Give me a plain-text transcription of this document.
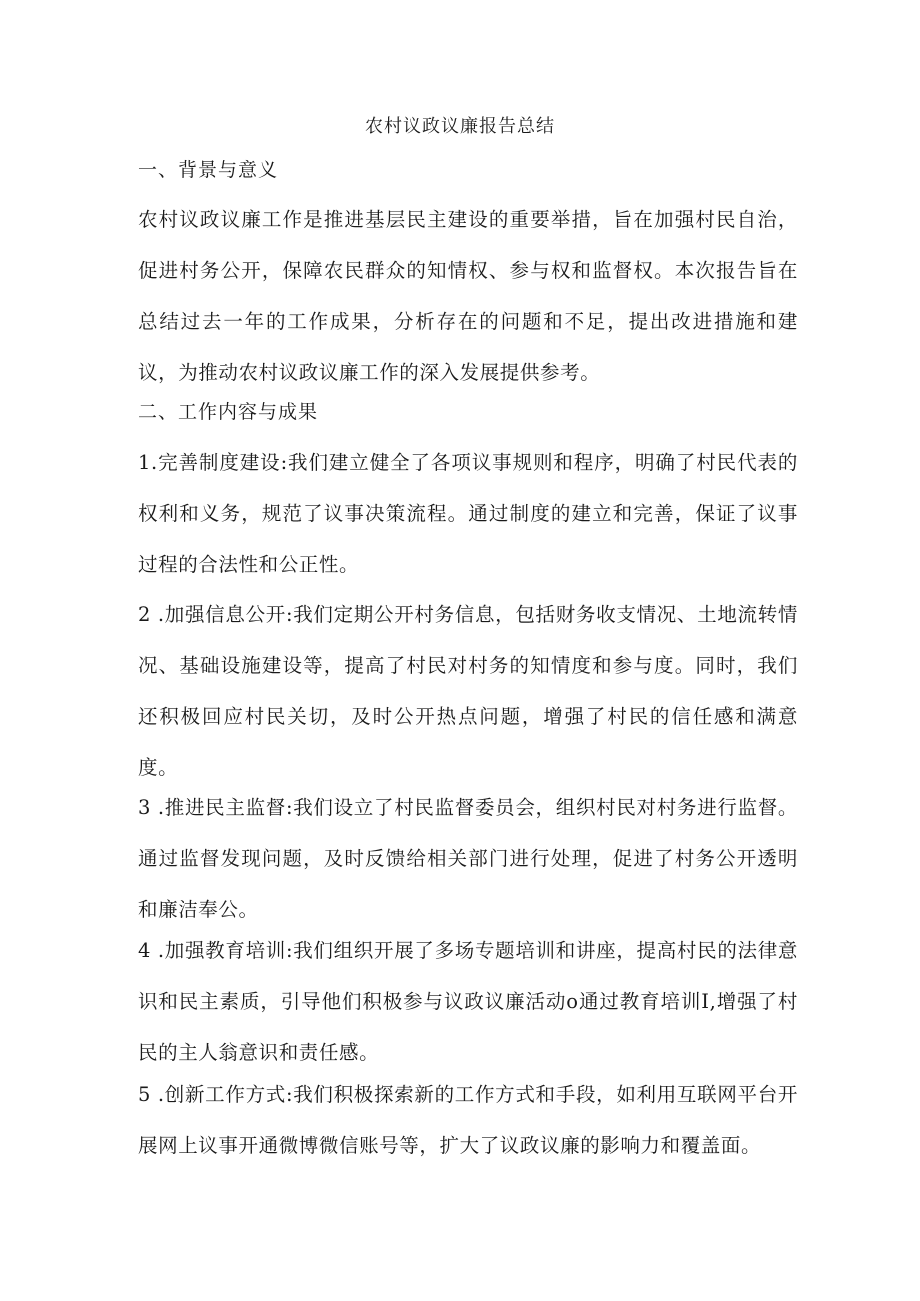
农村议政议廉报告总结
一、背景与意义

农村议政议廉工作是推进基层民主建设的重要举措，旨在加强村民自治，促进村务公开，保障农民群众的知情权、参与权和监督权。本次报告旨在总结过去一年的工作成果，分析存在的问题和不足，提出改进措施和建议，为推动农村议政议廉工作的深入发展提供参考。

二、工作内容与成果

1.完善制度建设:我们建立健全了各项议事规则和程序，明确了村民代表的权利和义务，规范了议事决策流程。通过制度的建立和完善，保证了议事过程的合法性和公正性。

2 .加强信息公开:我们定期公开村务信息，包括财务收支情况、土地流转情况、基础设施建设等，提高了村民对村务的知情度和参与度。同时，我们还积极回应村民关切，及时公开热点问题，增强了村民的信任感和满意度。

3 .推进民主监督:我们设立了村民监督委员会，组织村民对村务进行监督。通过监督发现问题，及时反馈给相关部门进行处理，促进了村务公开透明和廉洁奉公。

4 .加强教育培训:我们组织开展了多场专题培训和讲座，提高村民的法律意识和民主素质，引导他们积极参与议政议廉活动o通过教育培训I,增强了村民的主人翁意识和责任感。

5 .创新工作方式:我们积极探索新的工作方式和手段，如利用互联网平台开展网上议事开通微博微信账号等，扩大了议政议廉的影响力和覆盖面。
